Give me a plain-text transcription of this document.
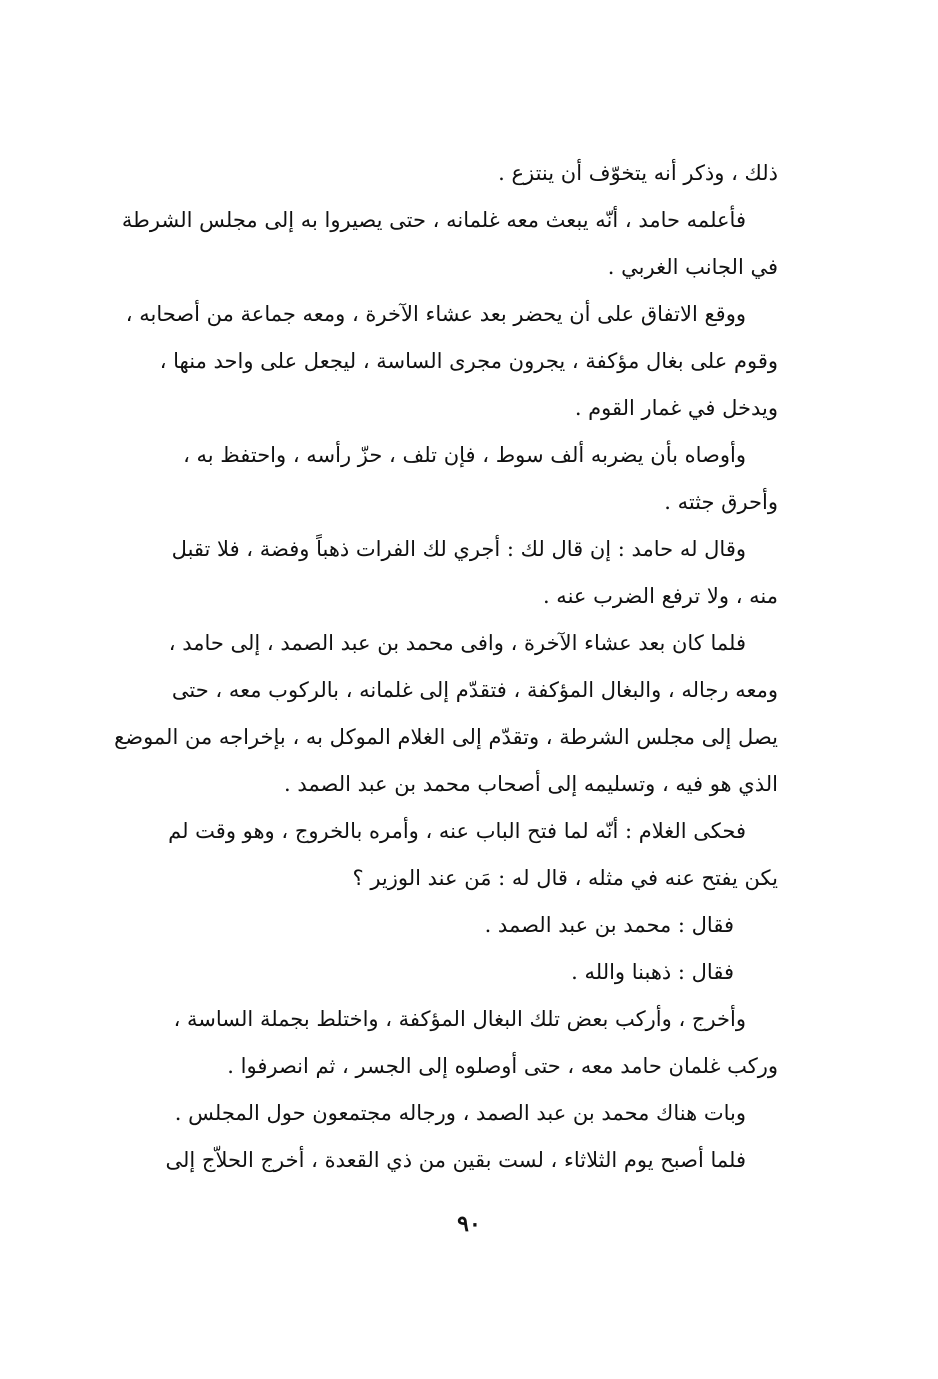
ذلك ، وذكر أنه يتخوّف أن ينتزع .
فأعلمه حامد ، أنّه يبعث معه غلمانه ، حتى يصيروا به إلى مجلس الشرطة
في الجانب الغربي .
ووقع الاتفاق على أن يحضر بعد عشاء الآخرة ، ومعه جماعة من أصحابه ،
وقوم على بغال مؤكفة ، يجرون مجرى الساسة ، ليجعل على واحد منها ،
ويدخل في غمار القوم .
وأوصاه بأن يضربه ألف سوط ، فإن تلف ، حزّ رأسه ، واحتفظ به ،
وأحرق جثته .
وقال له حامد : إن قال لك : أجري لك الفرات ذهباً وفضة ، فلا تقبل
منه ، ولا ترفع الضرب عنه .
فلما كان بعد عشاء الآخرة ، وافى محمد بن عبد الصمد ، إلى حامد ،
ومعه رجاله ، والبغال المؤكفة ، فتقدّم إلى غلمانه ، بالركوب معه ، حتى
يصل إلى مجلس الشرطة ، وتقدّم إلى الغلام الموكل به ، بإخراجه من الموضع
الذي هو فيه ، وتسليمه إلى أصحاب محمد بن عبد الصمد .
فحكى الغلام : أنّه لما فتح الباب عنه ، وأمره بالخروج ، وهو وقت لم
يكن يفتح عنه في مثله ، قال له : مَن عند الوزير ؟
فقال : محمد بن عبد الصمد .
فقال : ذهبنا والله .
وأخرج ، وأركب بعض تلك البغال المؤكفة ، واختلط بجملة الساسة ،
وركب غلمان حامد معه ، حتى أوصلوه إلى الجسر ، ثم انصرفوا .
وبات هناك محمد بن عبد الصمد ، ورجاله مجتمعون حول المجلس .
فلما أصبح يوم الثلاثاء ، لست بقين من ذي القعدة ، أخرج الحلاّج إلى
٩٠
